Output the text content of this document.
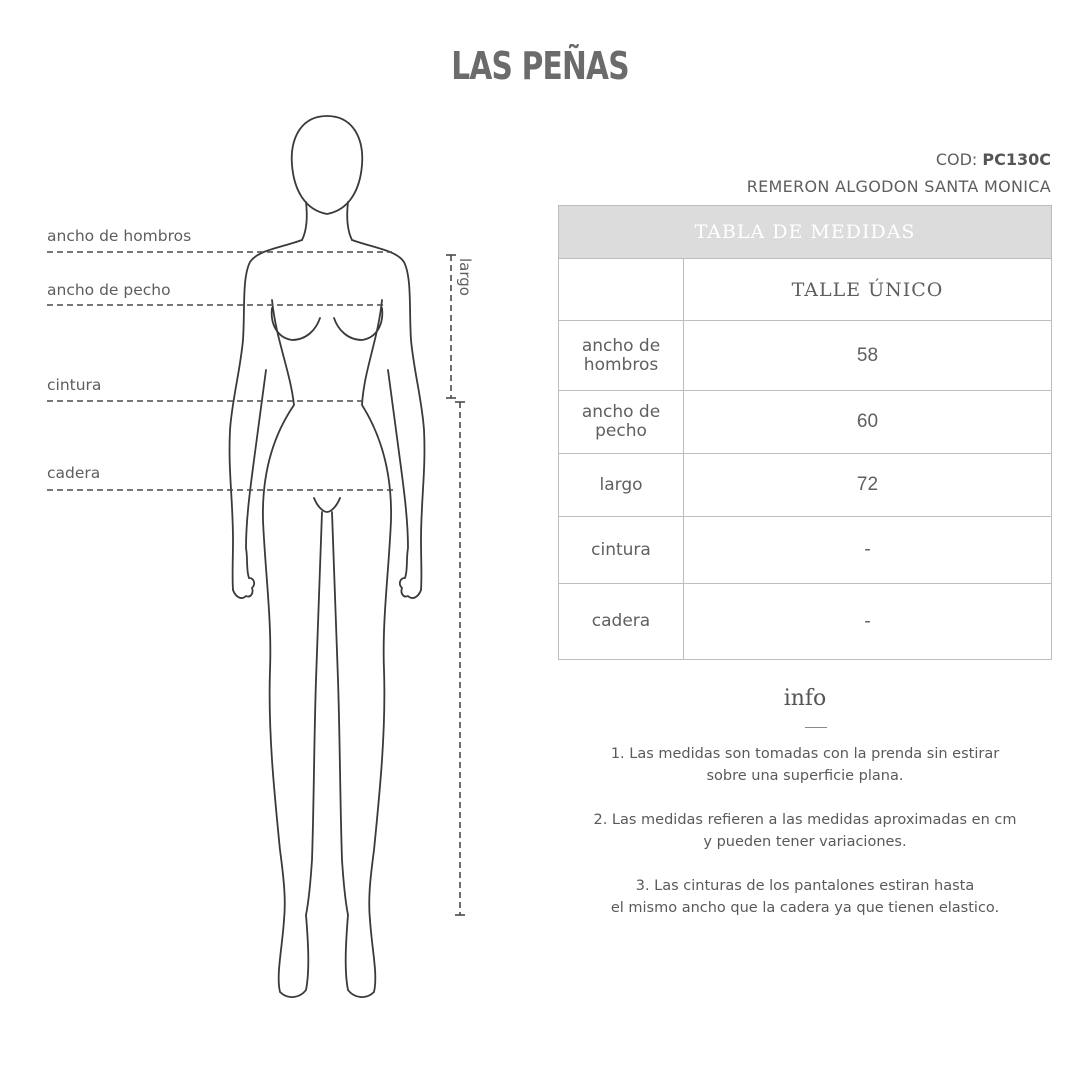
LAS PEÑAS
ancho de hombros
ancho de pecho
cintura
cadera
largo
COD: PC130C
REMERON ALGODON SANTA MONICA
TABLA DE MEDIDAS	
	TALLE ÚNICO
ancho de hombros	58
ancho de pecho	60
largo	72
cintura	-
cadera	-
info
1. Las medidas son tomadas con la prenda sin estirar
sobre una superficie plana.
2. Las medidas refieren a las medidas aproximadas en cm
y pueden tener variaciones.
3. Las cinturas de los pantalones estiran hasta
el mismo ancho que la cadera ya que tienen elastico.
